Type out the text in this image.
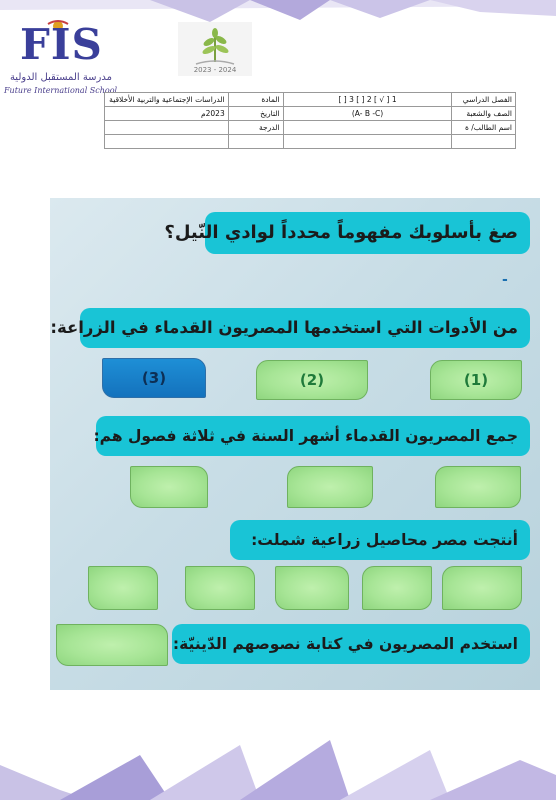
FIS
مدرسة المستقبل الدولية
Future International School
2023 - 2024
الدراسات الإجتماعية والتربية الأخلاقية	المادة	1 [ √ ] 2 [ ] 3 [ ]	الفصل الدراسي
2023م	التاريخ	(A- B -C)	الصف والشعبة
	الدرجة		اسم الطالب/ ة

صغ بأسلوبك مفهوماً محدداً لوادي النّيل؟
-
من الأدوات التي استخدمها المصريون القدماء في الزراعة:
(1)
(2)
(3)
جمع المصريون القدماء أشهر السنة في ثلاثة فصول هم:
أنتجت مصر محاصيل زراعية شملت:
استخدم المصريون في كتابة نصوصهم الدّينيّة:
